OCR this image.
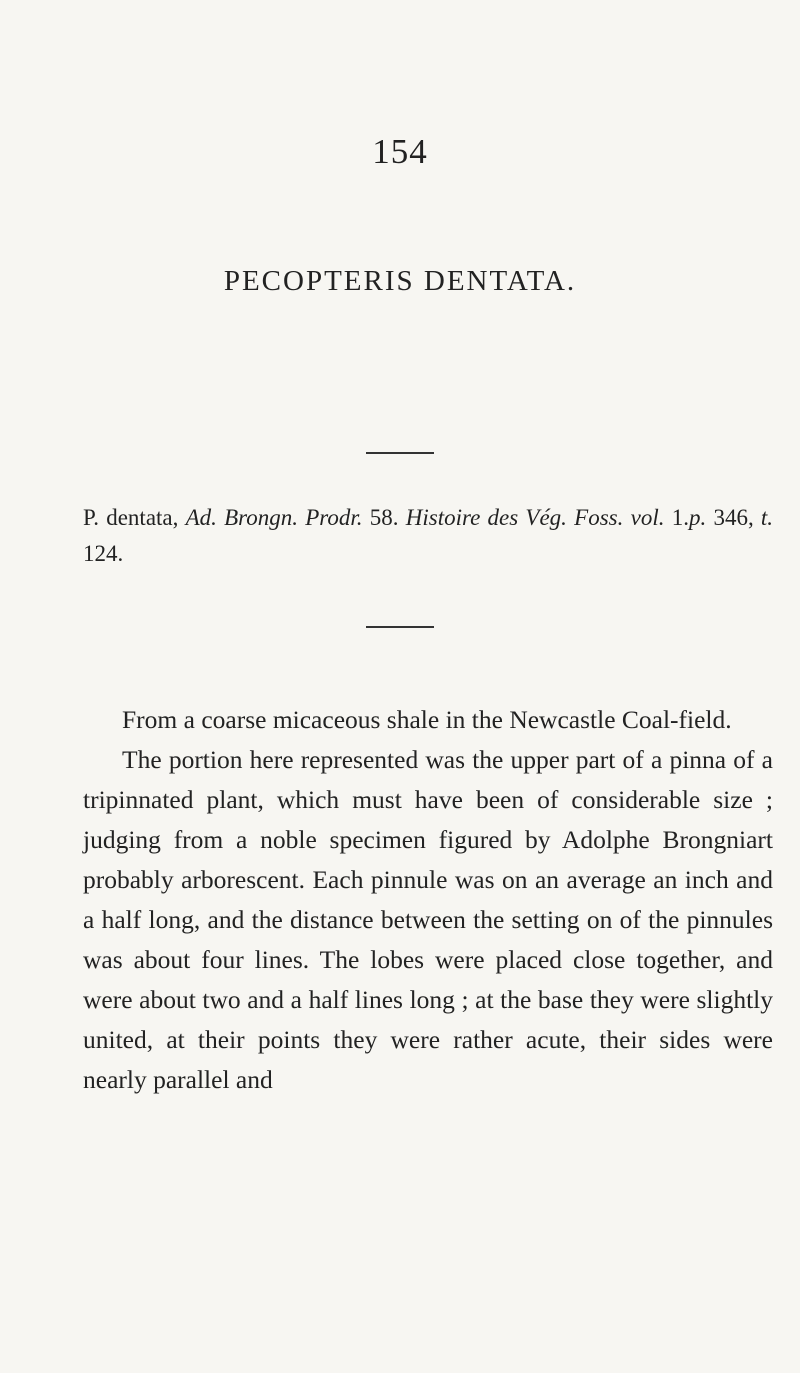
154
PECOPTERIS DENTATA.
P. dentata, Ad. Brongn. Prodr. 58. Histoire des Vég. Foss. vol. 1.p. 346, t. 124.

From a coarse micaceous shale in the Newcastle Coal-field.

The portion here represented was the upper part of a pinna of a tripinnated plant, which must have been of considerable size ; judging from a noble specimen figured by Adolphe Brongniart probably arborescent. Each pinnule was on an average an inch and a half long, and the distance between the setting on of the pinnules was about four lines. The lobes were placed close together, and were about two and a half lines long ; at the base they were slightly united, at their points they were rather acute, their sides were nearly parallel and
